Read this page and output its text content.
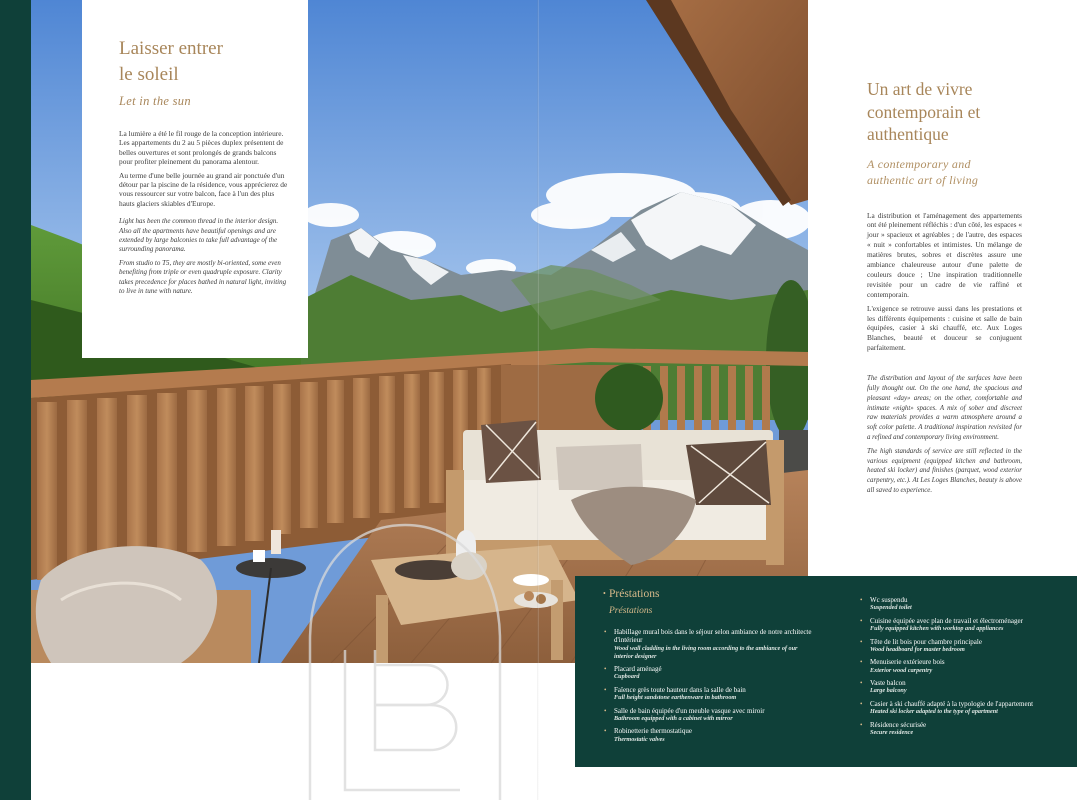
Laisser entrer
le soleil
Let in the sun

La lumière a été le fil rouge de la conception intérieure. Les appartements du 2 au 5 pièces duplex présentent de belles ouvertures et sont prolongés de grands balcons pour profiter pleinement du panorama alentour.

Au terme d'une belle journée au grand air ponctuée d'un détour par la piscine de la résidence, vous apprécierez de vous ressourcer sur votre balcon, face à l'un des plus hauts glaciers skiables d'Europe.

Light has been the common thread in the interior design. Also all the apartments have beautiful openings and are extended by large balconies to take full advantage of the surrounding panorama.

From studio to T5, they are mostly bi-oriented, some even benefiting from triple or even quadruple exposure. Clarity takes precedence for places bathed in natural light, inviting to live in tune with nature.

Un art de vivre
contemporain et
authentique
A contemporary and
authentic art of living

La distribution et l'aménagement des appartements ont été pleinement réfléchis : d'un côté, les espaces « jour » spacieux et agréables ; de l'autre, des espaces « nuit » confortables et intimistes. Un mélange de matières brutes, sobres et discrètes assure une ambiance chaleureuse autour d'une palette de couleurs douce ; Une inspiration traditionnelle revisitée pour un cadre de vie raffiné et contemporain.

L'exigence se retrouve aussi dans les prestations et les différents équipements : cuisine et salle de bain équipées, casier à ski chauffé, etc. Aux Loges Blanches, beauté et douceur se conjuguent parfaitement.

The distribution and layout of the surfaces have been fully thought out. On the one hand, the spacious and pleasant «day» areas; on the other, comfortable and intimate «night» spaces. A mix of sober and discreet raw materials provides a warm atmosphere around a soft color palette. A traditional inspiration revisited for a refined and contemporary living environment.

The high standards of service are still reflected in the various equipment (equipped kitchen and bathroom, heated ski locker) and finishes (parquet, wood exterior carpentry, etc.). At Les Loges Blanches, beauty is above all saved to experience.

• Préstations
Préstations
• Habillage mural bois dans le séjour selon ambiance de notre architecte d'intérieur
Wood wall cladding in the living room according to the ambiance of our interior designer
• Placard aménagé
Cupboard
• Faïence grès toute hauteur dans la salle de bain
Full height sandstone earthenware in bathroom
• Salle de bain équipée d'un meuble vasque avec miroir
Bathroom equipped with a cabinet with mirror
• Robinetterie thermostatique
Thermostatic valves
• Wc suspendu
Suspended toilet
• Cuisine équipée avec plan de travail et électroménager
Fully equipped kitchen with worktop and appliances
• Tête de lit bois pour chambre principale
Wood headboard for master bedroom
• Menuiserie extérieure bois
Exterior wood carpentry
• Vaste balcon
Large balcony
• Casier à ski chauffé adapté à la typologie de l'appartement
Heated ski locker adapted to the type of apartment
• Résidence sécurisée
Secure residence
